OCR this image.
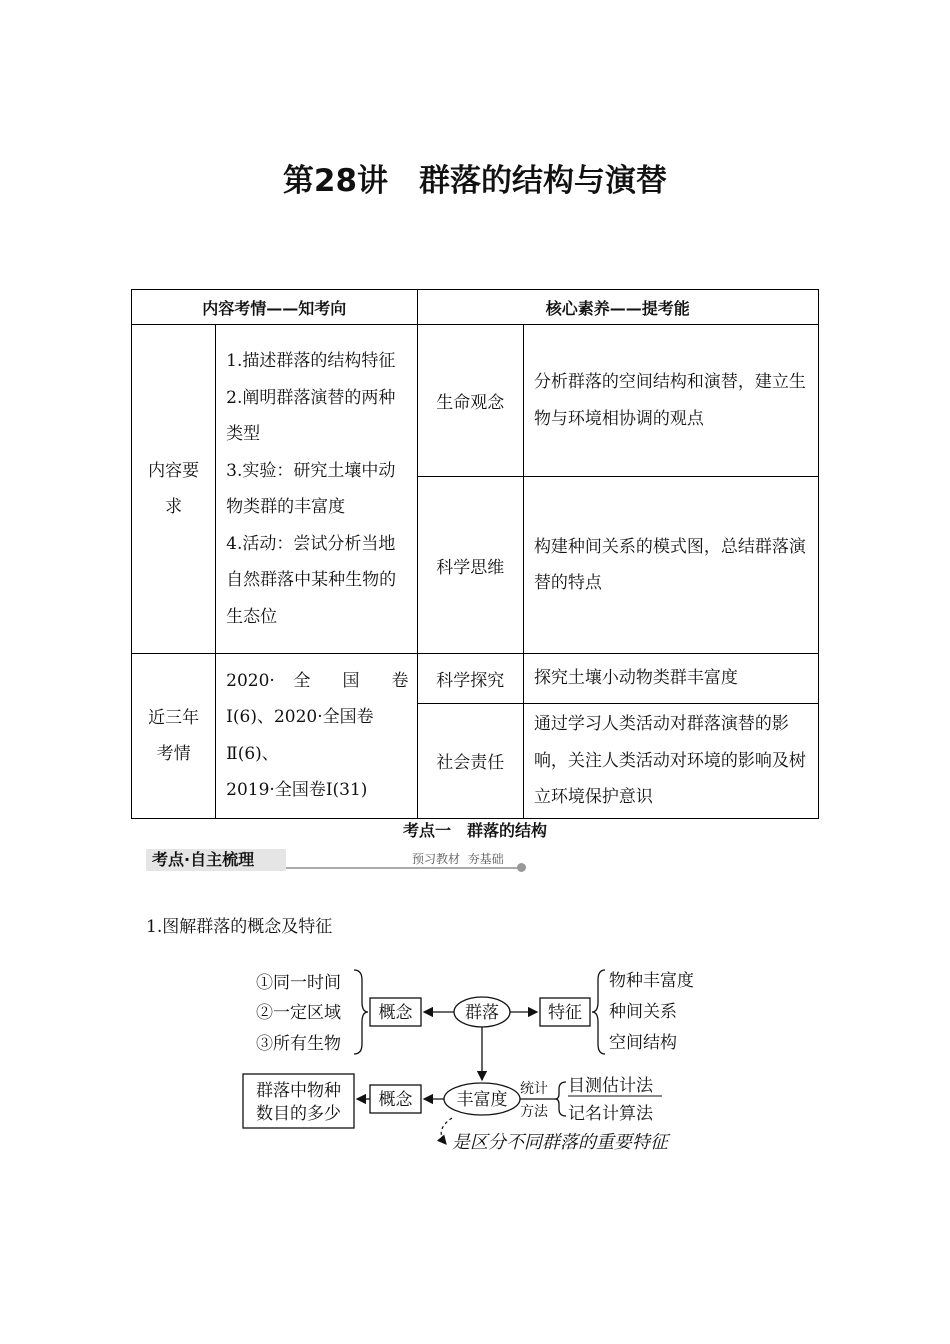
第28讲　群落的结构与演替
内容考情——知考向		核心素养——提考能	

内容要求	1.描述群落的结构特征
2.阐明群落演替的两种类型
3.实验：研究土壤中动物类群的丰富度
4.活动：尝试分析当地自然群落中某种生物的生态位	生命观念	分析群落的空间结构和演替，建立生物与环境相协调的观点
		科学思维	构建种间关系的模式图，总结群落演替的特点

近三年考情	2020· 全 国 卷
Ⅰ(6)、2020·全国卷
Ⅱ(6)、
2019·全国卷Ⅰ(31)	科学探究	探究土壤小动物类群丰富度
		社会责任	通过学习人类活动对群落演替的影响，关注人类活动对环境的影响及树立环境保护意识
考点一　群落的结构
考点·自主梳理	预习教材  夯基础
1.图解群落的概念及特征
①同一时间
②一定区域
③所有生物
概念	群落	特征
物种丰富度
种间关系
空间结构
群落中物种
数目的多少
概念	丰富度
统计
方法
目测估计法
记名计算法
是区分不同群落的重要特征
